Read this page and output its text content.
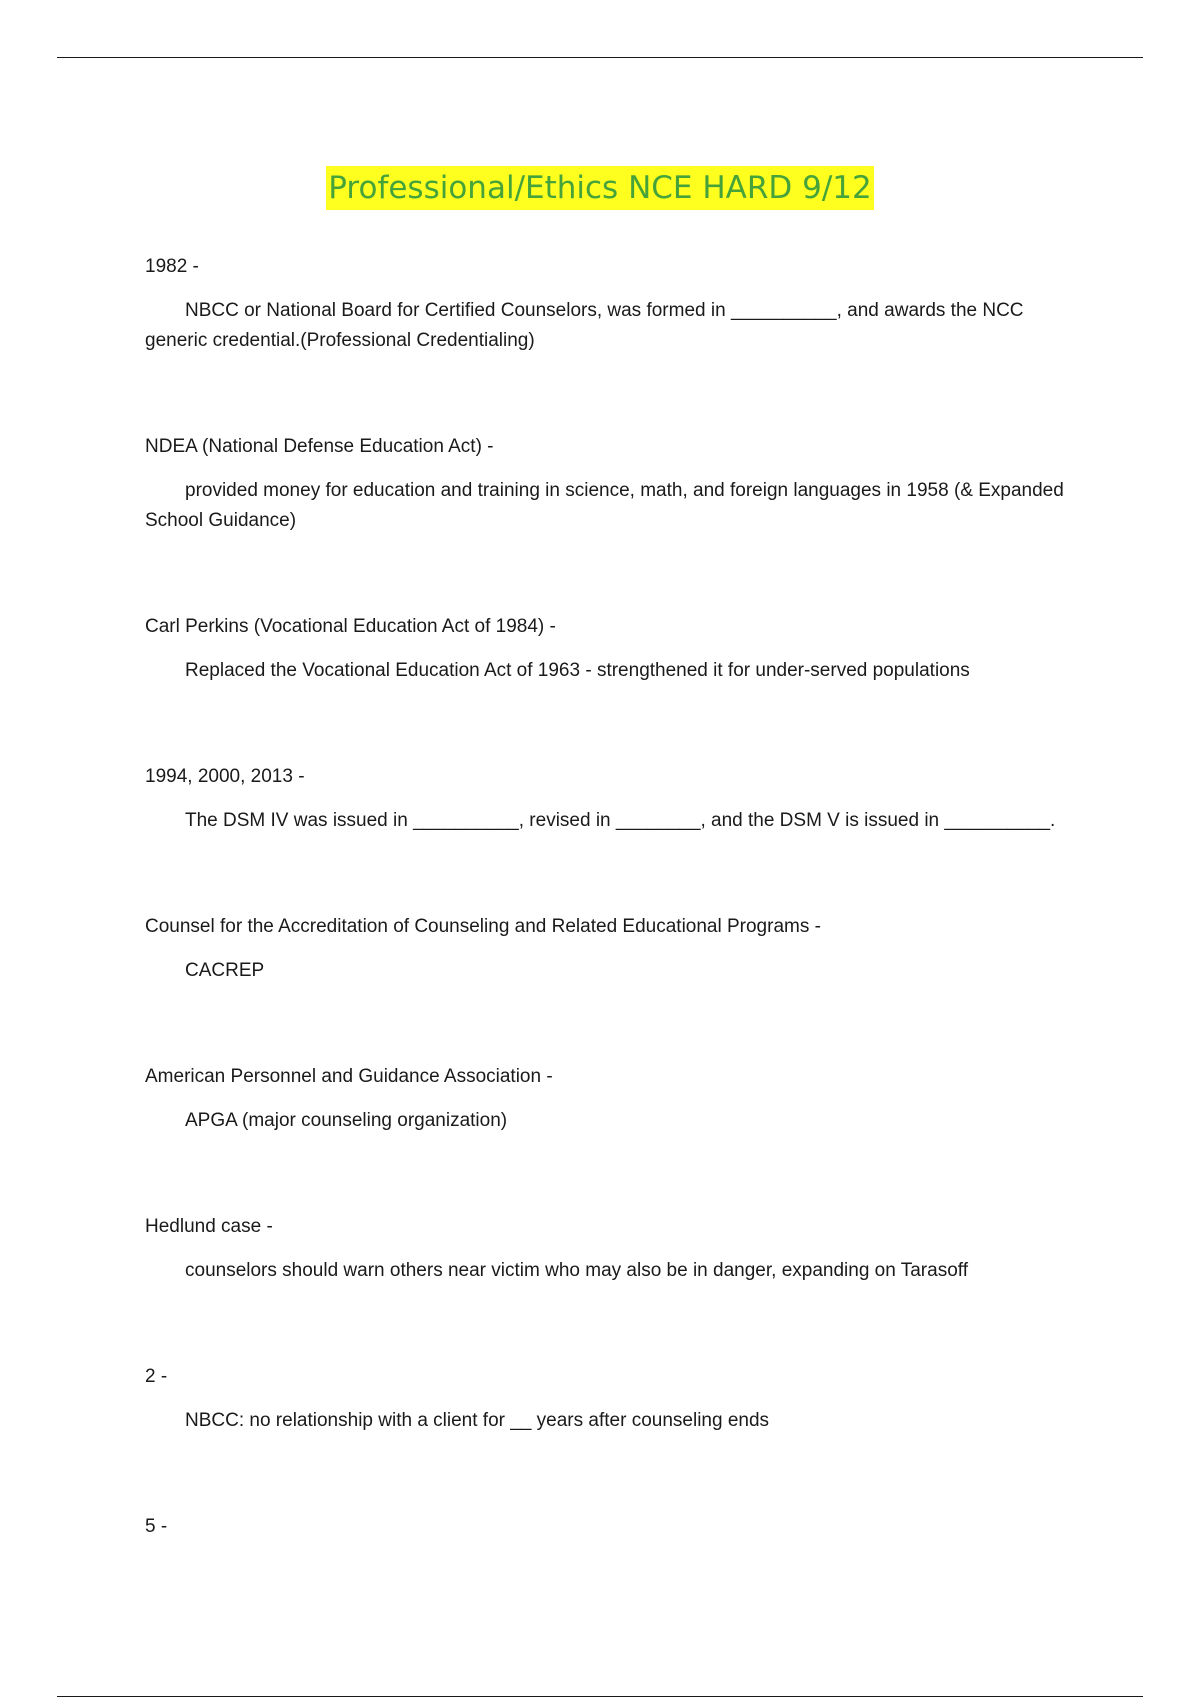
Professional/Ethics NCE HARD 9/12

1982 -

NBCC or National Board for Certified Counselors, was formed in __________, and awards the NCC generic credential.(Professional Credentialing)

NDEA (National Defense Education Act) -

provided money for education and training in science, math, and foreign languages in 1958 (& Expanded School Guidance)

Carl Perkins (Vocational Education Act of 1984) -

Replaced the Vocational Education Act of 1963 - strengthened it for under-served populations

1994, 2000, 2013 -

The DSM IV was issued in __________, revised in ________, and the DSM V is issued in __________.

Counsel for the Accreditation of Counseling and Related Educational Programs -

CACREP

American Personnel and Guidance Association -

APGA (major counseling organization)

Hedlund case -

counselors should warn others near victim who may also be in danger, expanding on Tarasoff

2 -

NBCC: no relationship with a client for __ years after counseling ends

5 -
